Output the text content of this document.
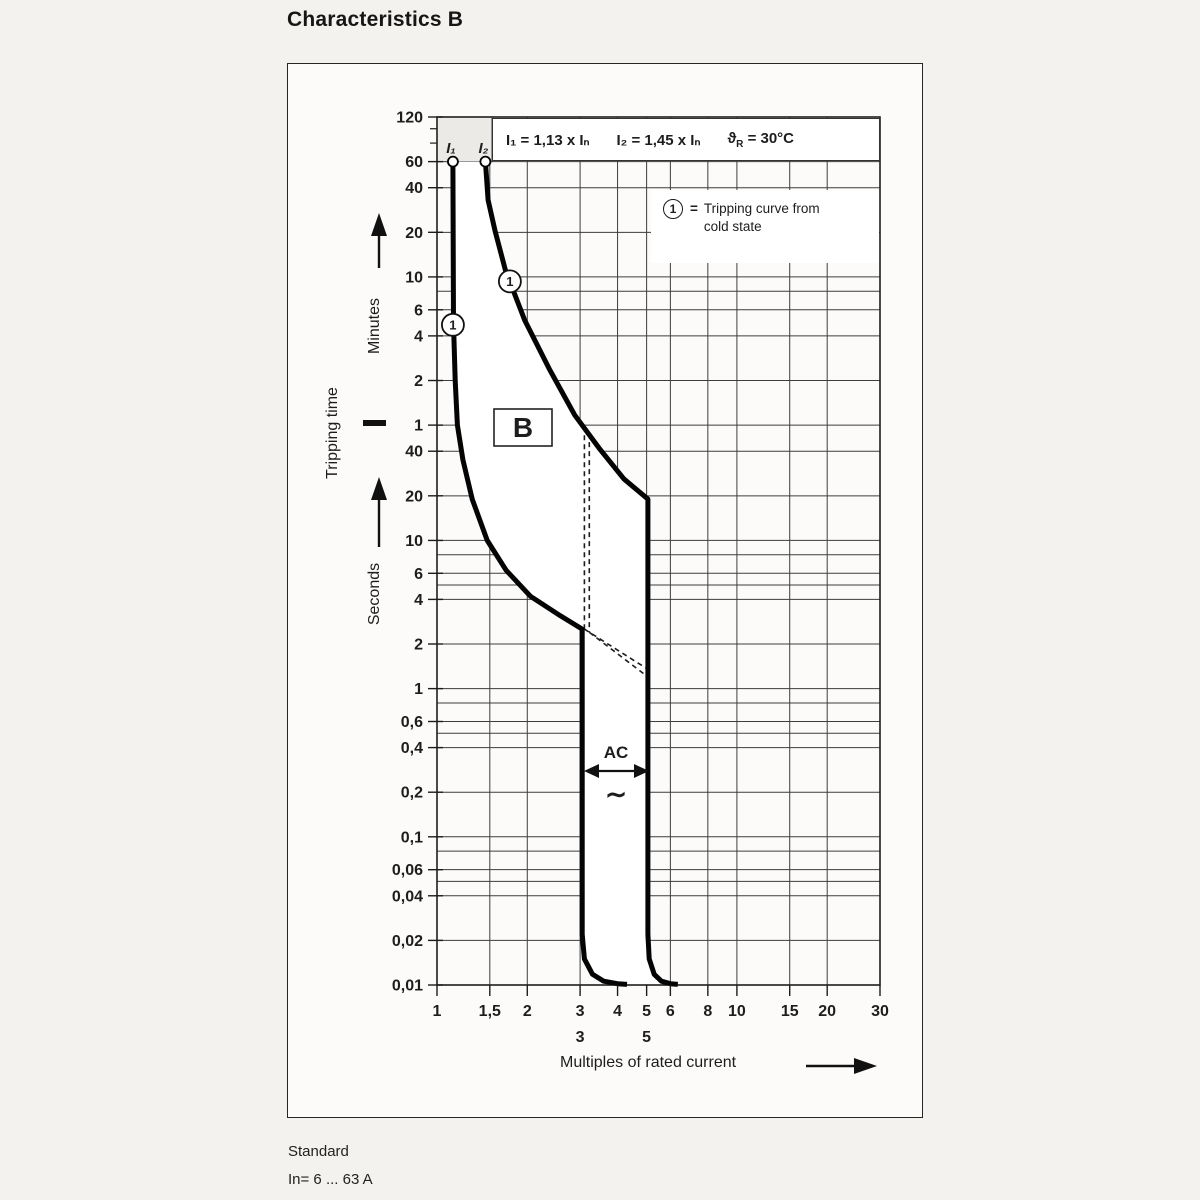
Characteristics B
I₁ I₂
1
1
120
60
40
20
10
6
4
2
1
40
20
10
6
4
2
1
0,6
0,4
0,2
0,1
0,06
0,04
0,02
0,01
1 1,5 2	3 4 5 6 8 10 15 20 30
3	5
B
AC
∼
I₁ = 1,13 x Iₙ I₂ = 1,45 x Iₙ $ϑ_R = 30^\circ C$
1	= Tripping curve from
cold state
Tripping time
Minutes
Seconds
Multiples of rated current
Standard
In= 6 ... 63 A
